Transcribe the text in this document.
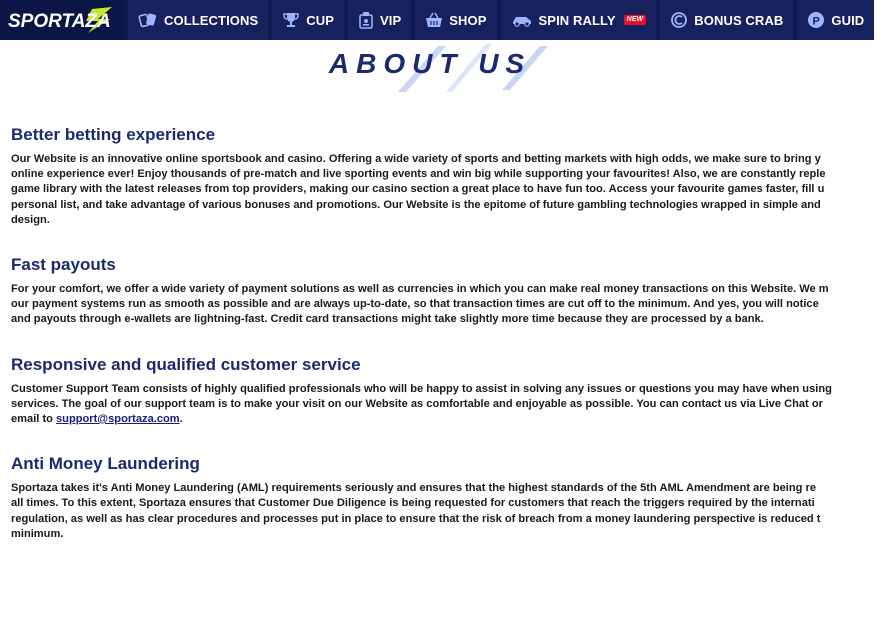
SPORTAZA	COLLECTIONS	CUP	VIP	SHOP	SPIN RALLY	NEW	BONUS CRAB	P GUID
ABOUT US
Better betting experience

Our Website is an innovative online sportsbook and casino. Offering a wide variety of sports and betting markets with high odds, we make sure to bring y

online experience ever! Enjoy thousands of pre-match and live sporting events and win big while supporting your favourites! Also, we are constantly reple

game library with the latest releases from top providers, making our casino section a great place to have fun too. Access your favourite games faster, fill u

personal list, and take advantage of various bonuses and promotions. Our Website is the epitome of future gambling technologies wrapped in simple and

design.

Fast payouts

For your comfort, we offer a wide variety of payment solutions as well as currencies in which you can make real money transactions on this Website. We m

our payment systems run as smooth as possible and are always up-to-date, so that transaction times are cut off to the minimum. And yes, you will notice

and payouts through e-wallets are lightning-fast. Credit card transactions might take slightly more time because they are processed by a bank.

Responsive and qualified customer service

Customer Support Team consists of highly qualified professionals who will be happy to assist in solving any issues or questions you may have when using

services. The goal of our support team is to make your visit on our Website as comfortable and enjoyable as possible. You can contact us via Live Chat or

email to support@sportaza.com.

Anti Money Laundering

Sportaza takes it's Anti Money Laundering (AML) requirements seriously and ensures that the highest standards of the 5th AML Amendment are being re

all times. To this extent, Sportaza ensures that Customer Due Diligence is being requested for customers that reach the triggers required by the internati

regulation, as well as has clear procedures and processes put in place to ensure that the risk of breach from a money laundering perspective is reduced t

minimum.
